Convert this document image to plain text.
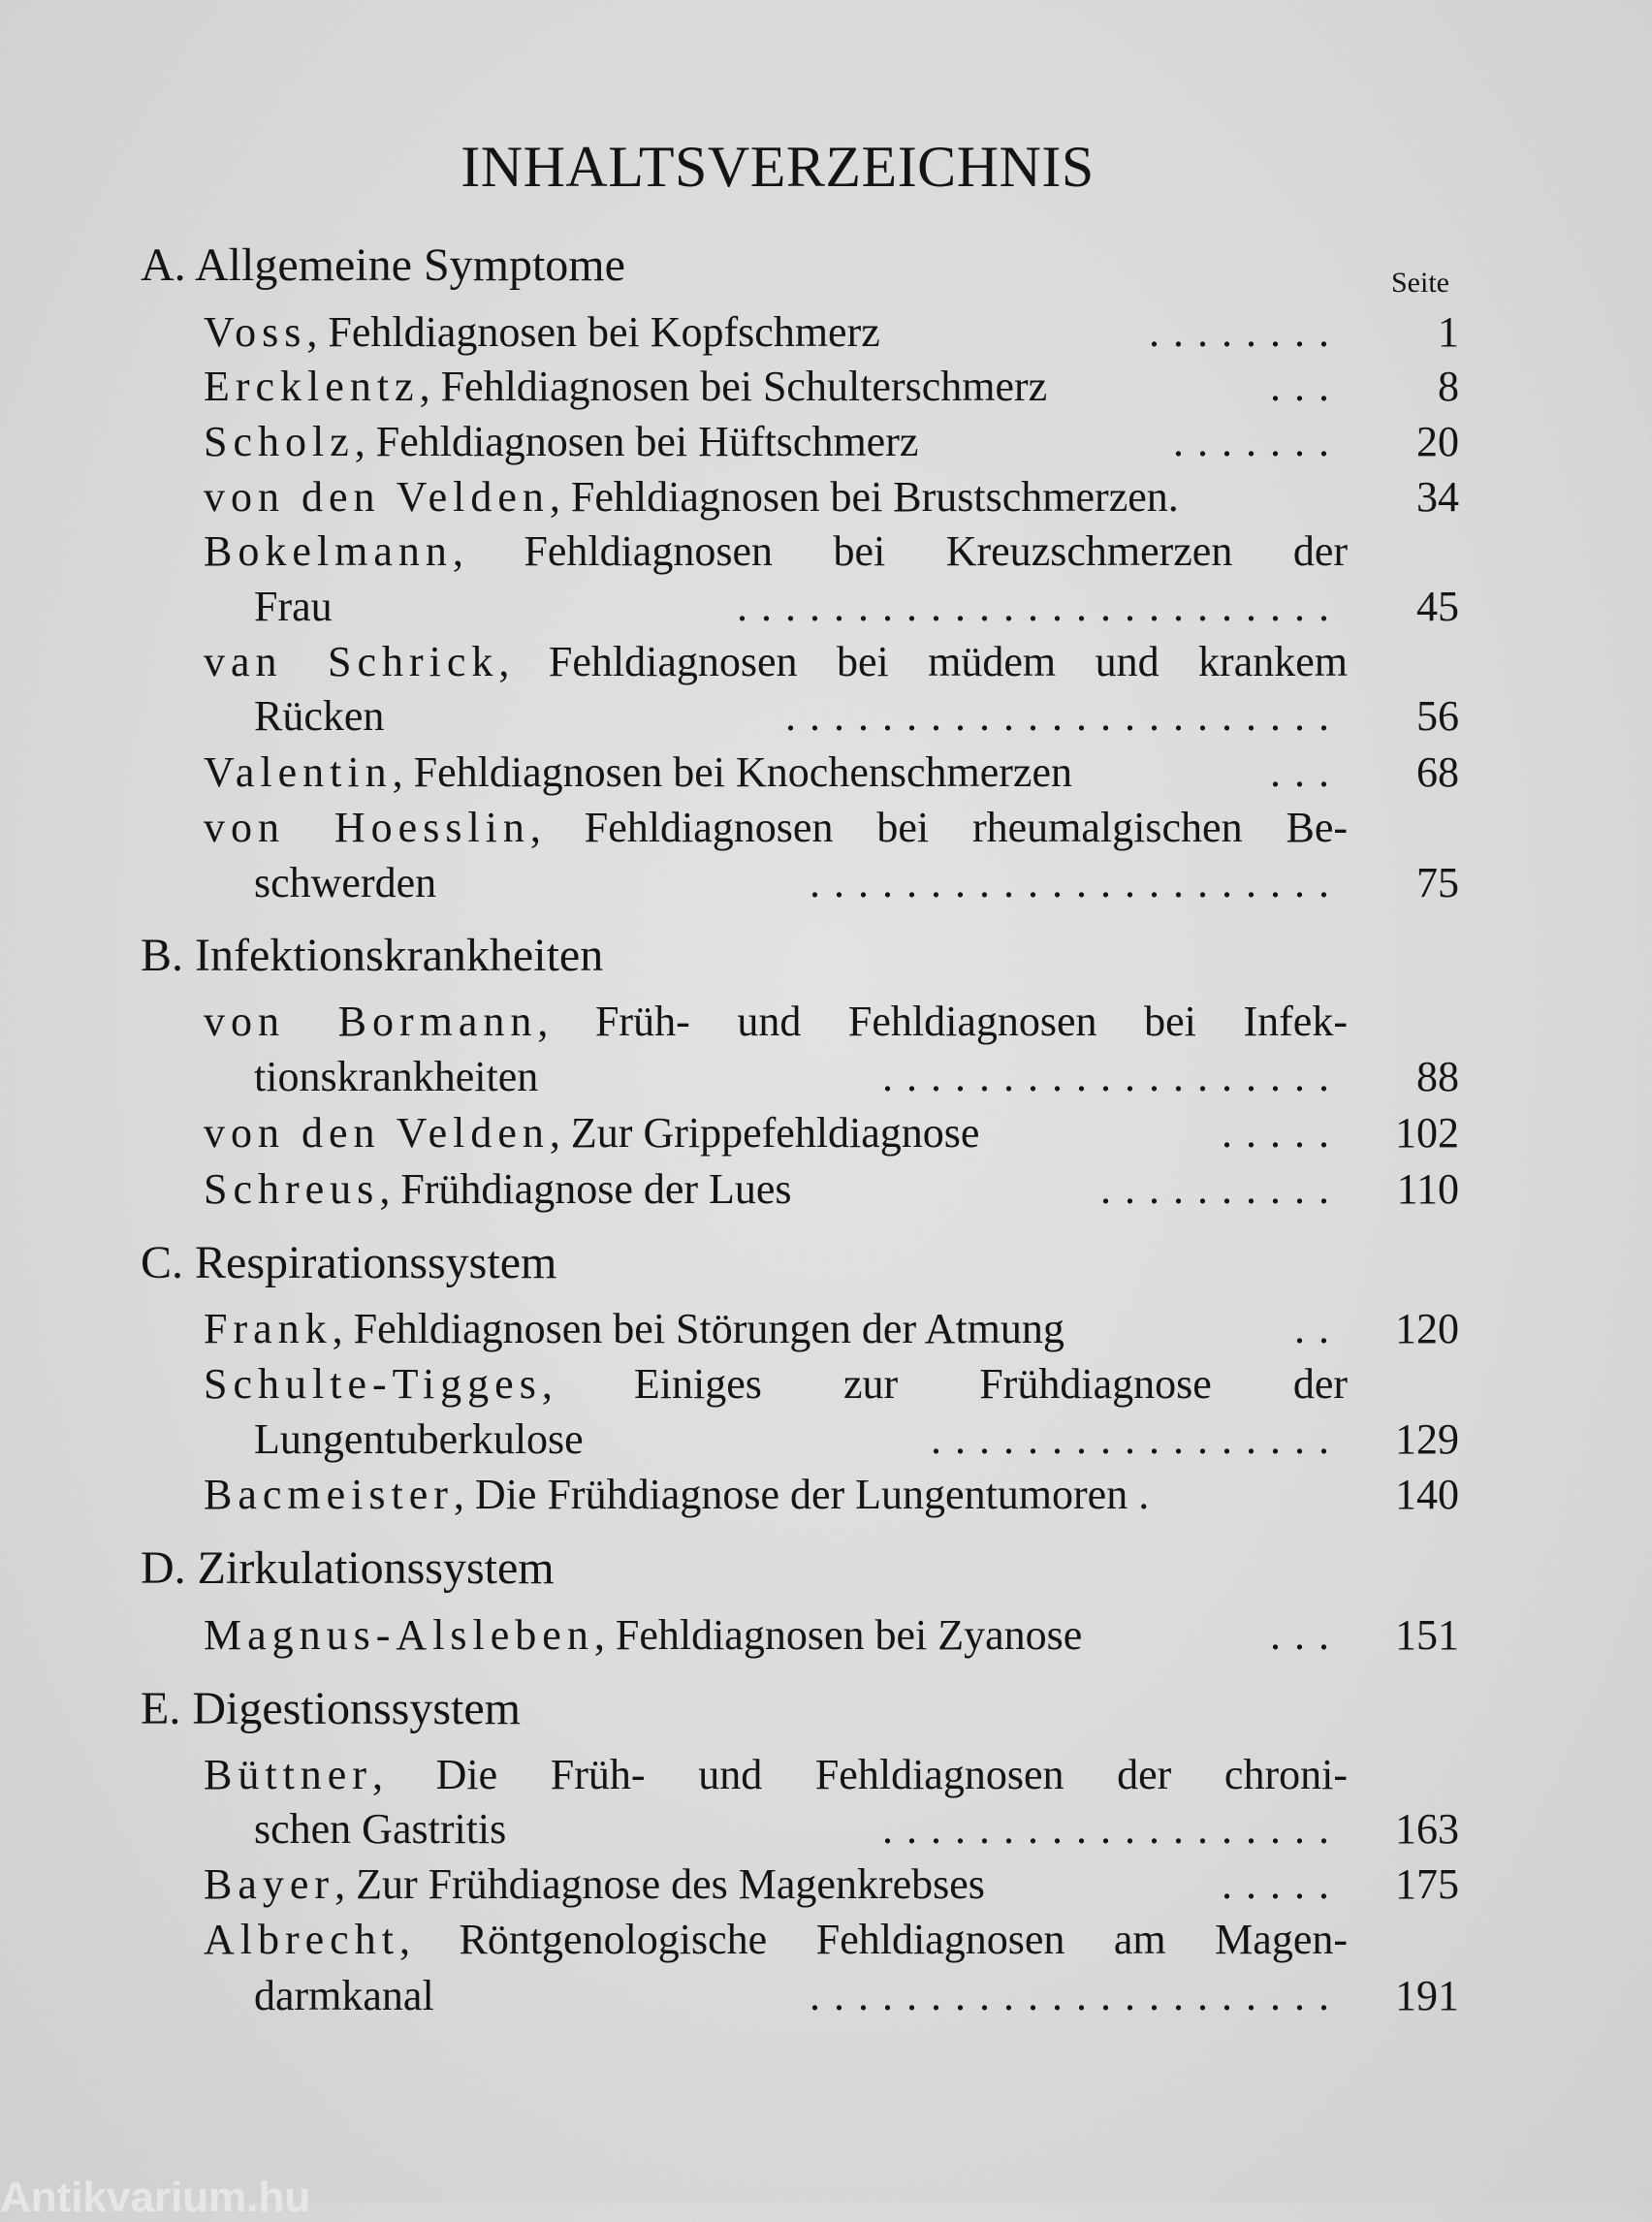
INHALTSVERZEICHNIS
Seite
A. Allgemeine Symptome
Voss, Fehldiagnosen bei Kopfschmerz	........	1
Ercklentz, Fehldiagnosen bei Schulterschmerz	...	8
Scholz, Fehldiagnosen bei Hüftschmerz	.......	20
von den Velden, Fehldiagnosen bei Brustschmerzen.	34
Bokelmann, Fehldiagnosen bei Kreuzschmerzen der
Frau	.........................	45
van Schrick, Fehldiagnosen bei müdem und krankem
Rücken	.......................	56
Valentin, Fehldiagnosen bei Knochenschmerzen	...	68
von Hoesslin, Fehldiagnosen bei rheumalgischen Be-
schwerden	......................	75
B. Infektionskrankheiten
von Bormann, Früh- und Fehldiagnosen bei Infek-
tionskrankheiten	...................	88
von den Velden, Zur Grippefehldiagnose	.....	102
Schreus, Frühdiagnose der Lues	..........	110
C. Respirationssystem
Frank, Fehldiagnosen bei Störungen der Atmung	..	120
Schulte-Tigges, Einiges zur Frühdiagnose der
Lungentuberkulose	.................	129
Bacmeister, Die Frühdiagnose der Lungentumoren .	140
D. Zirkulationssystem
Magnus-Alsleben, Fehldiagnosen bei Zyanose	...	151
E. Digestionssystem
Büttner, Die Früh- und Fehldiagnosen der chroni-
schen Gastritis	...................	163
Bayer, Zur Frühdiagnose des Magenkrebses	.....	175
Albrecht, Röntgenologische Fehldiagnosen am Magen-
darmkanal	......................	191
Antikvarium.hu
